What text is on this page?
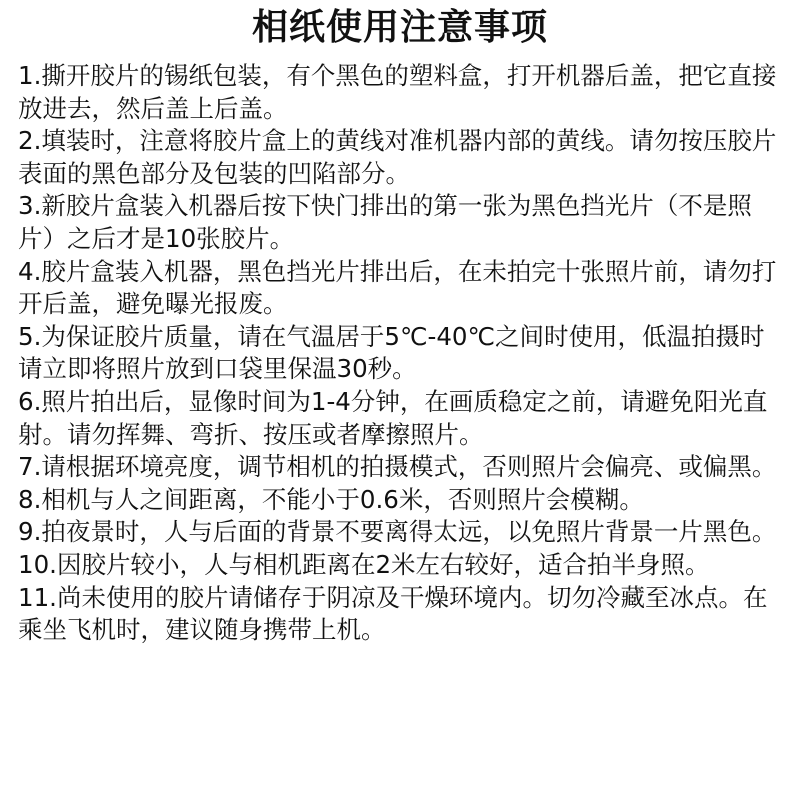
相纸使用注意事项
1.撕开胶片的锡纸包装，有个黑色的塑料盒，打开机器后盖，把它直接放进去，然后盖上后盖。
2.填装时，注意将胶片盒上的黄线对准机器内部的黄线。请勿按压胶片表面的黑色部分及包装的凹陷部分。
3.新胶片盒装入机器后按下快门排出的第一张为黑色挡光片（不是照片）之后才是10张胶片。
4.胶片盒装入机器，黑色挡光片排出后，在未拍完十张照片前，请勿打开后盖，避免曝光报废。
5.为保证胶片质量，请在气温居于5℃-40℃之间时使用，低温拍摄时请立即将照片放到口袋里保温30秒。
6.照片拍出后，显像时间为1-4分钟，在画质稳定之前，请避免阳光直射。请勿挥舞、弯折、按压或者摩擦照片。
7.请根据环境亮度，调节相机的拍摄模式，否则照片会偏亮、或偏黑。
8.相机与人之间距离，不能小于0.6米，否则照片会模糊。
9.拍夜景时，人与后面的背景不要离得太远，以免照片背景一片黑色。
10.因胶片较小，人与相机距离在2米左右较好，适合拍半身照。
11.尚未使用的胶片请储存于阴凉及干燥环境内。切勿冷藏至冰点。在乘坐飞机时，建议随身携带上机。
